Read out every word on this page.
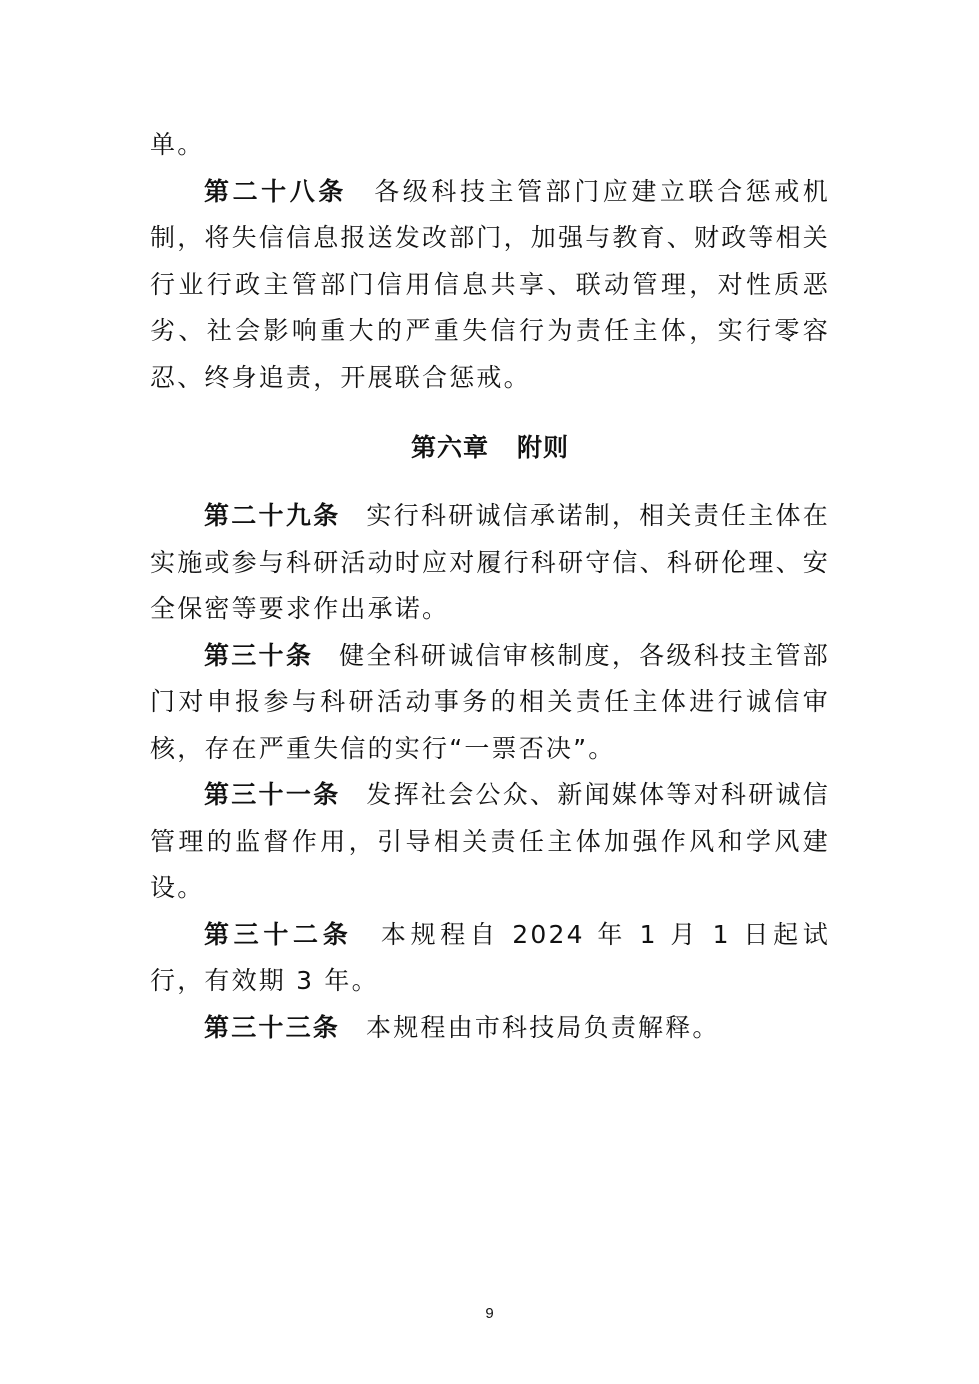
单。

第二十八条 各级科技主管部门应建立联合惩戒机制，将失信信息报送发改部门，加强与教育、财政等相关行业行政主管部门信用信息共享、联动管理，对性质恶劣、社会影响重大的严重失信行为责任主体，实行零容忍、终身追责，开展联合惩戒。

第六章 附则

第二十九条 实行科研诚信承诺制，相关责任主体在实施或参与科研活动时应对履行科研守信、科研伦理、安全保密等要求作出承诺。

第三十条 健全科研诚信审核制度，各级科技主管部门对申报参与科研活动事务的相关责任主体进行诚信审核，存在严重失信的实行“一票否决”。

第三十一条 发挥社会公众、新闻媒体等对科研诚信管理的监督作用，引导相关责任主体加强作风和学风建设。

第三十二条 本规程自 2024 年 1 月 1 日起试行，有效期 3 年。

第三十三条 本规程由市科技局负责解释。

9
